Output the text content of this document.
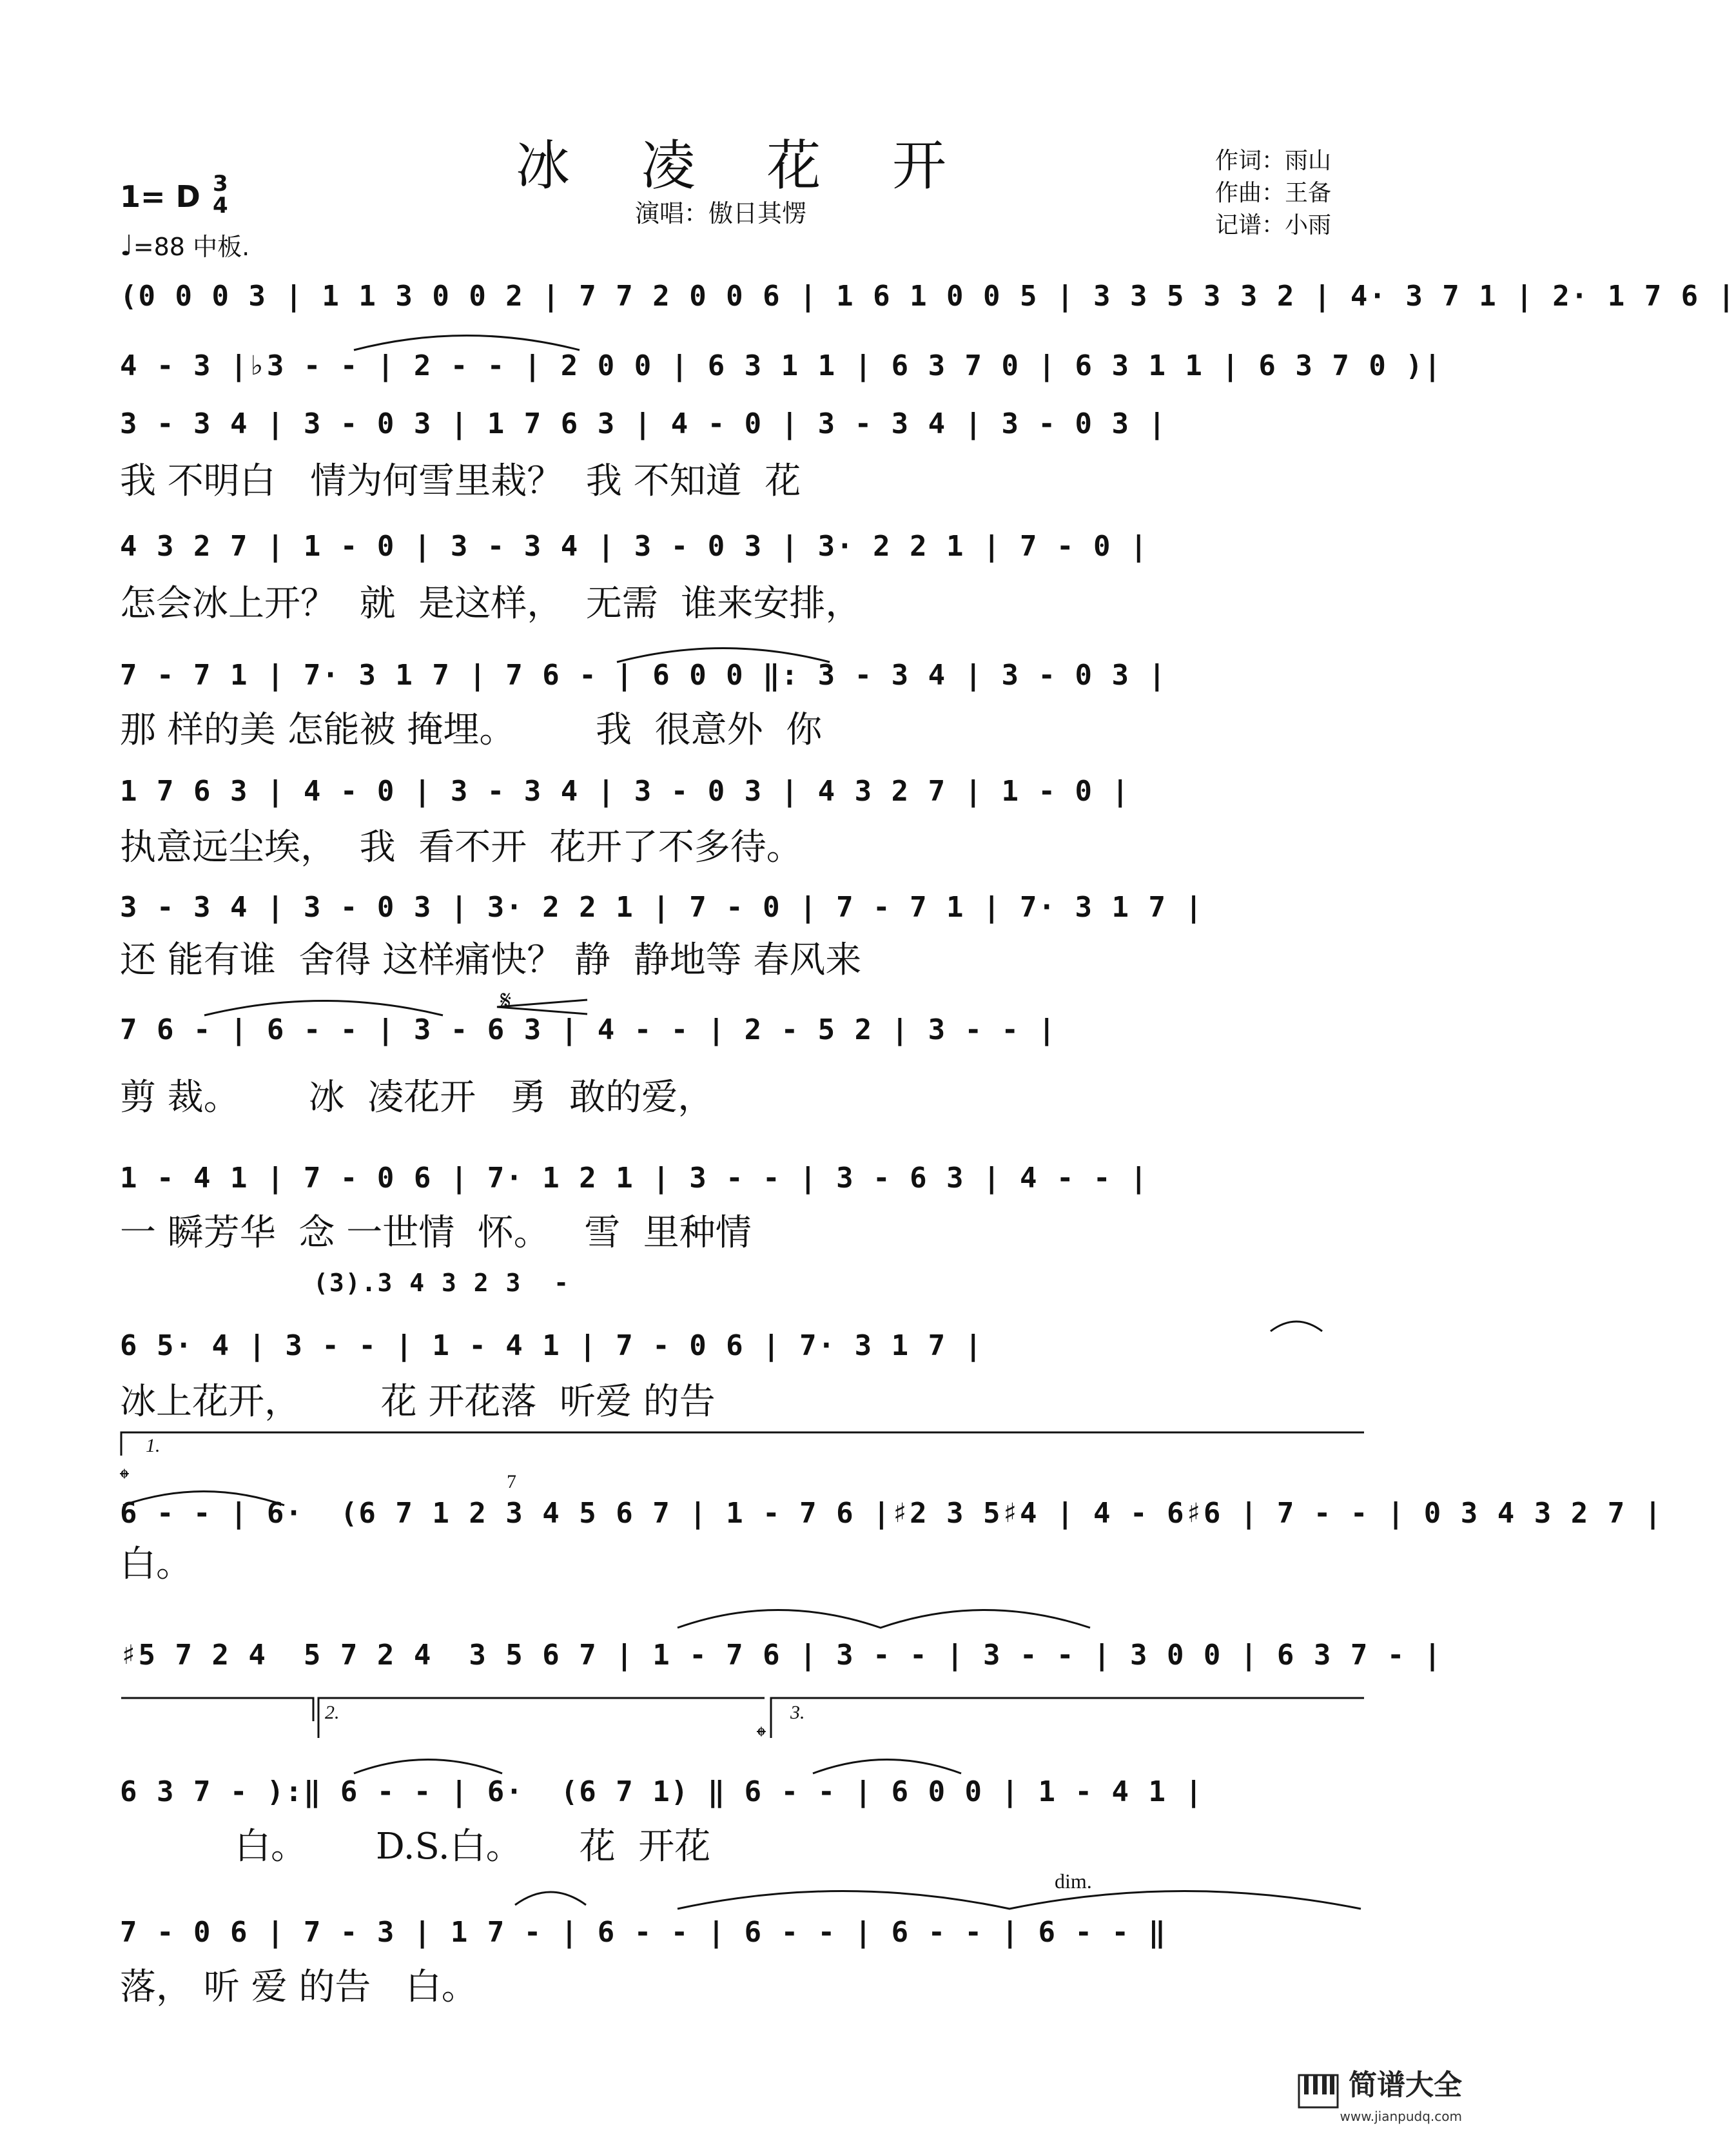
冰 凌 花 开
演唱：傲日其愣
作词：雨山
作曲：王备
记谱：小雨
1= D 3
4
♩=88 中板.
(0 0 0 3 | 1 1 3 0 0 2 | 7 7 2 0 0 6 | 1 6 1 0 0 5 | 3 3 5 3 3 2 | 4· 3 7 1 | 2· 1 7 6 |
4 - 3 |♭3 - - | 2 - - | 2 0 0 | 6 3 1 1 | 6 3 7 0 | 6 3 1 1 | 6 3 7 0 )|
3 - 3 4 | 3 - 0 3 | 1 7 6 3 | 4 - 0 | 3 - 3 4 | 3 - 0 3 |
我 不明白   情为何雪里栽？  我 不知道  花
4 3 2 7 | 1 - 0 | 3 - 3 4 | 3 - 0 3 | 3· 2 2 1 | 7 - 0 |
怎会冰上开？  就  是这样，  无需  谁来安排，
7 - 7 1 | 7· 3 1 7 | 7 6 - | 6 0 0 ‖: 3 - 3 4 | 3 - 0 3 |
那 样的美 怎能被 掩埋。       我  很意外  你
1 7 6 3 | 4 - 0 | 3 - 3 4 | 3 - 0 3 | 4 3 2 7 | 1 - 0 |
执意远尘埃，  我  看不开  花开了不多待。
3 - 3 4 | 3 - 0 3 | 3· 2 2 1 | 7 - 0 | 7 - 7 1 | 7· 3 1 7 |
还 能有谁  舍得 这样痛快？ 静  静地等 春风来
7 6 - | 6 - - | 3 - 6 3 | 4 - - | 2 - 5 2 | 3 - - |
𝄋
剪 裁。      冰  凌花开   勇  敢的爱，
1 - 4 1 | 7 - 0 6 | 7· 1 2 1 | 3 - - | 3 - 6 3 | 4 - - |
一 瞬芳华  念 一世情  怀。   雪  里种情
(3).3 4 3 2 3  -
6 5· 4 | 3 - - | 1 - 4 1 | 7 - 0 6 | 7· 3 1 7 |
冰上花开，       花 开花落  听爱 的告
1.
𝄌	7
6 - - | 6·  (6 7 1 2 3 4 5 6 7 | 1 - 7 6 |♯2 3 5♯4 | 4 - 6♯6 | 7 - - | 0 3 4 3 2 7 |
白。
♯5 7 2 4  5 7 2 4  3 5 6 7 | 1 - 7 6 | 3 - - | 3 - - | 3 0 0 | 6 3 7 - |
2.	3.
𝄌
6 3 7 - ):‖ 6 - - | 6·  (6 7 1) ‖ 6 - - | 6 0 0 | 1 - 4 1 |
白。      D.S.白。     花  开花
dim.
7 - 0 6 | 7 - 3 | 1 7 - | 6 - - | 6 - - | 6 - - | 6 - - ‖
落， 听 爱 的告   白。
简谱大全
www.jianpudq.com
